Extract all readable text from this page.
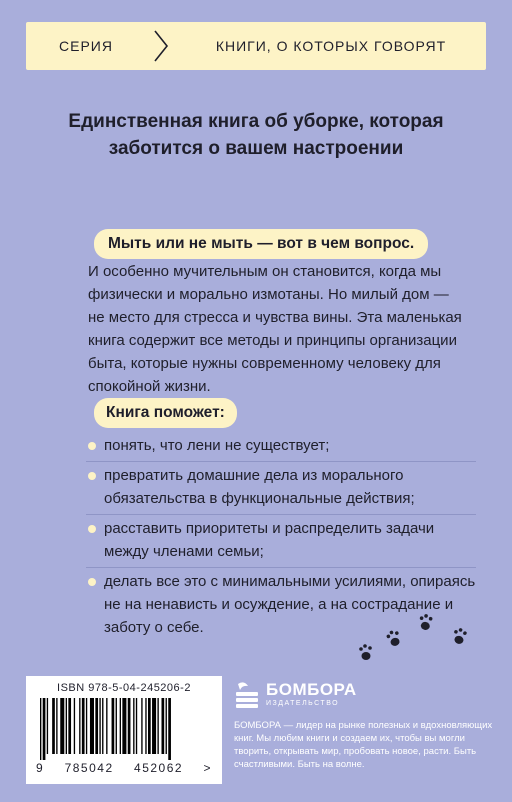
СЕРИЯ	КНИГИ, О КОТОРЫХ ГОВОРЯТ
Единственная книга об уборке, которая заботится о вашем настроении
Мыть или не мыть — вот в чем вопрос.

И особенно мучительным он становится, когда мы физически и морально измотаны. Но милый дом — не место для стресса и чувства вины. Эта маленькая книга содержит все методы и принципы организации быта, которые нужны современному человеку для спокойной жизни.

Книга поможет:
понять, что лени не существует;
превратить домашние дела из морального обязательства в функциональные действия;
расставить приоритеты и распределить задачи между членами семьи;
делать все это с минимальными усилиями, опираясь не на ненависть и осуждение, а на сострадание и заботу о себе.
ISBN 978-5-04-245206-2
9 785042 452062 >
БОМБОРА
ИЗДАТЕЛЬСТВО

БОМБОРА — лидер на рынке полезных и вдохновляющих книг. Мы любим книги и создаем их, чтобы вы могли творить, открывать мир, пробовать новое, расти. Быть счастливыми. Быть на волне.
